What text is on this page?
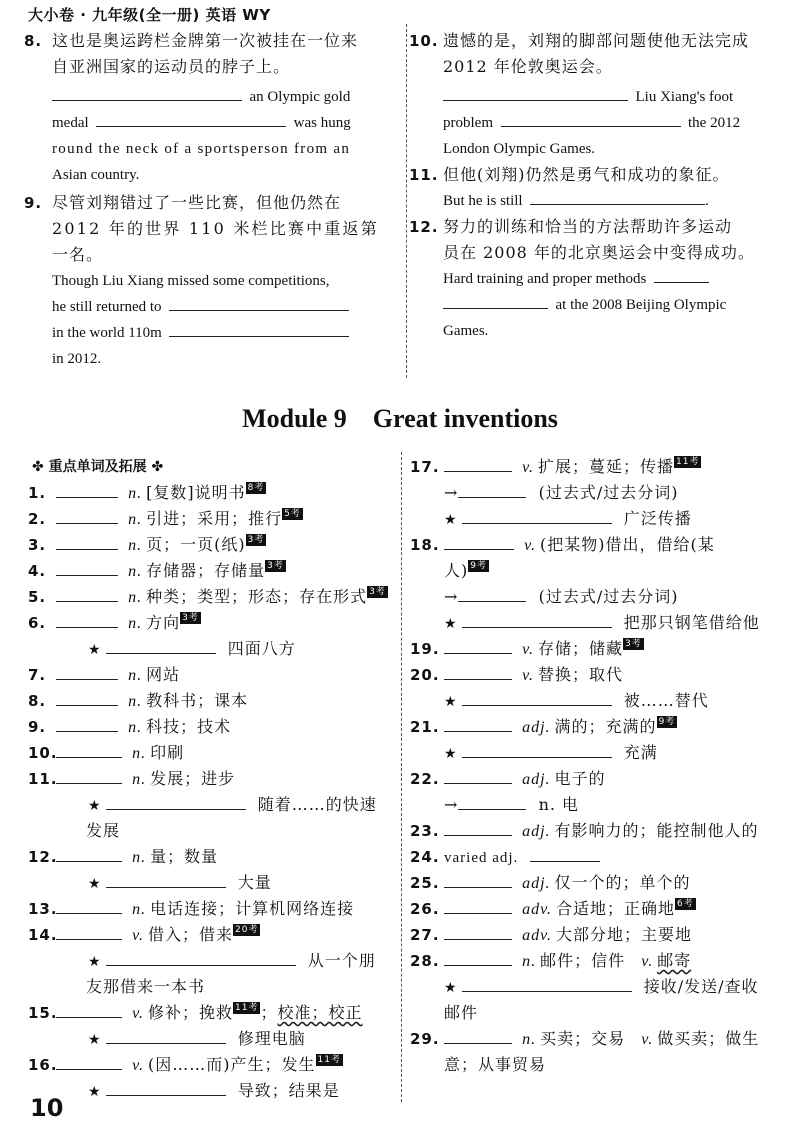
大小卷 · 九年级(全一册) 英语 WY
8. 这也是奥运跨栏金牌第一次被挂在一位来
自亚洲国家的运动员的脖子上。
an Olympic gold
medal	was hung
round the neck of a sportsperson from an
Asian country.
9. 尽管刘翔错过了一些比赛，但他仍然在
2012 年的世界 110 米栏比赛中重返第
一名。
Though Liu Xiang missed some competitions,
he still returned to
in the world 110m
in 2012.
10. 遗憾的是，刘翔的脚部问题使他无法完成
2012 年伦敦奥运会。
Liu Xiang's foot
problem	the 2012
London Olympic Games.
11. 但他(刘翔)仍然是勇气和成功的象征。
But he is still	.
12. 努力的训练和恰当的方法帮助许多运动
员在 2008 年的北京奥运会中变得成功。
Hard training and proper methods
at the 2008 Beijing Olympic
Games.
Module 9    Great inventions
✤ 重点单词及拓展 ✤
1.	n. [复数]说明书 8考
2.	n. 引进；采用；推行 5考
3.	n. 页；一页(纸) 3考
4.	n. 存储器；存储量 3考
5.	n. 种类；类型；形态；存在形式 3考
6.	n. 方向 3考
★	四面八方
7.	n. 网站
8.	n. 教科书；课本
9.	n. 科技；技术
10.	n. 印刷
11.	n. 发展；进步
★	随着……的快速
发展
12.	n. 量；数量
★	大量
13.	n. 电话连接；计算机网络连接
14.	v. 借入；借来 20考
★	从一个朋
友那借来一本书
15.	v. 修补；挽救 11考 ；校准；校正
★	修理电脑
16.	v. (因……而)产生；发生 11考
★	导致；结果是
17.	v. 扩展；蔓延；传播 11考
→	(过去式/过去分词)
★	广泛传播
18.	v. (把某物)借出，借给(某
人) 9考
→	(过去式/过去分词)
★	把那只钢笔借给他
19.	v. 存储；储藏 3考
20.	v. 替换；取代
★	被……替代
21.	adj. 满的；充满的 9考
★	充满
22.	adj. 电子的
→	n. 电
23.	adj. 有影响力的；能控制他人的
24. varied adj.
25.	adj. 仅一个的；单个的
26.	adv. 合适地；正确地 6考
27.	adv. 大部分地；主要地
28.	n. 邮件；信件 v. 邮寄
★	接收/发送/查收
邮件
29.	n. 买卖；交易 v. 做买卖；做生
意；从事贸易
10
